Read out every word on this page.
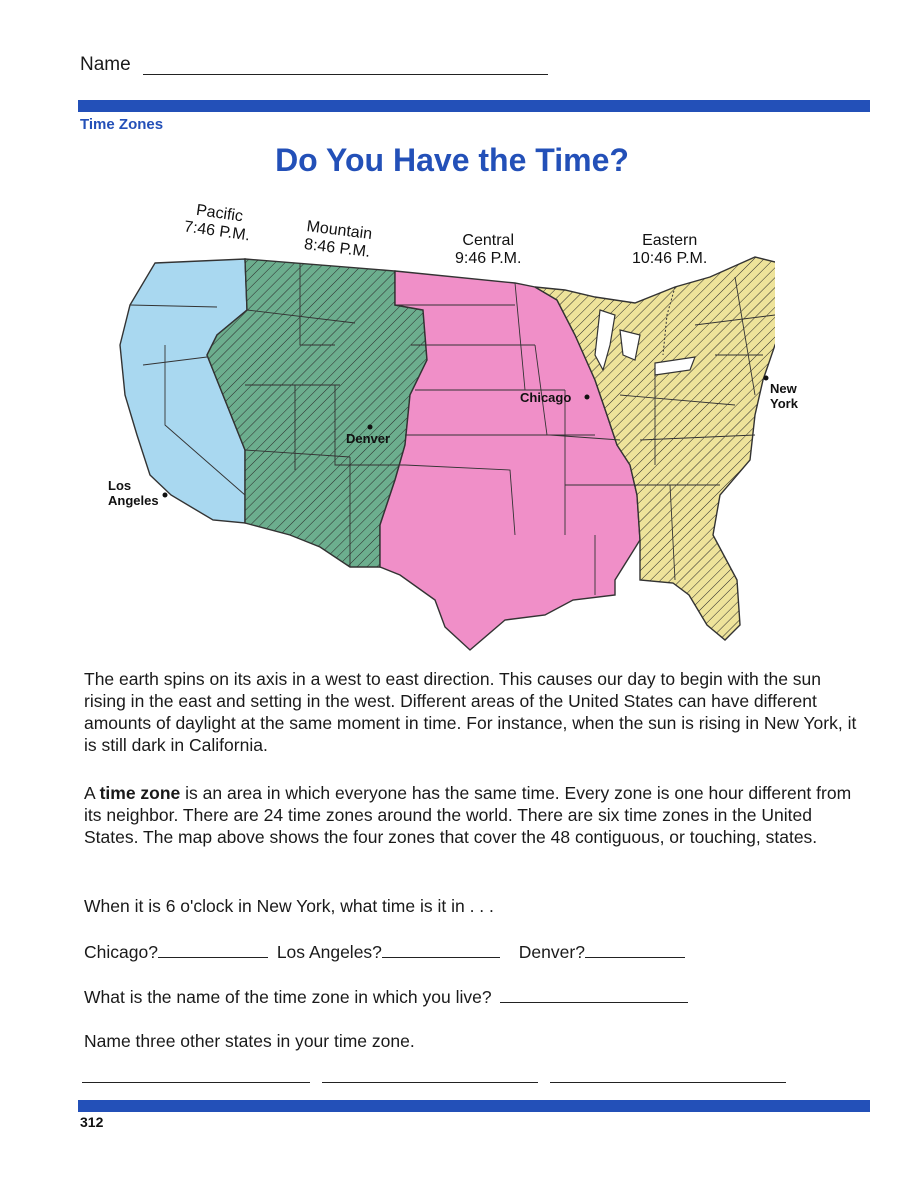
Name
Time Zones
Do You Have the Time?
Pacific
7:46 P.M.	Mountain
8:46 P.M.	Central
9:46 P.M.
Eastern
10:46 P.M.
Los
Angeles
Denver
Chicago
New
York
The earth spins on its axis in a west to east direction. This causes our day to begin with the sun rising in the east and setting in the west. Different areas of the United States can have different amounts of daylight at the same moment in time. For instance, when the sun is rising in New York, it is still dark in California.
A time zone is an area in which everyone has the same time. Every zone is one hour different from its neighbor. There are 24 time zones around the world. There are six time zones in the United States. The map above shows the four zones that cover the 48 contiguous, or touching, states.
When it is 6 o'clock in New York, what time is it in . . .
Chicago?	Los Angeles?	Denver?
What is the name of the time zone in which you live?
Name three other states in your time zone.
312
